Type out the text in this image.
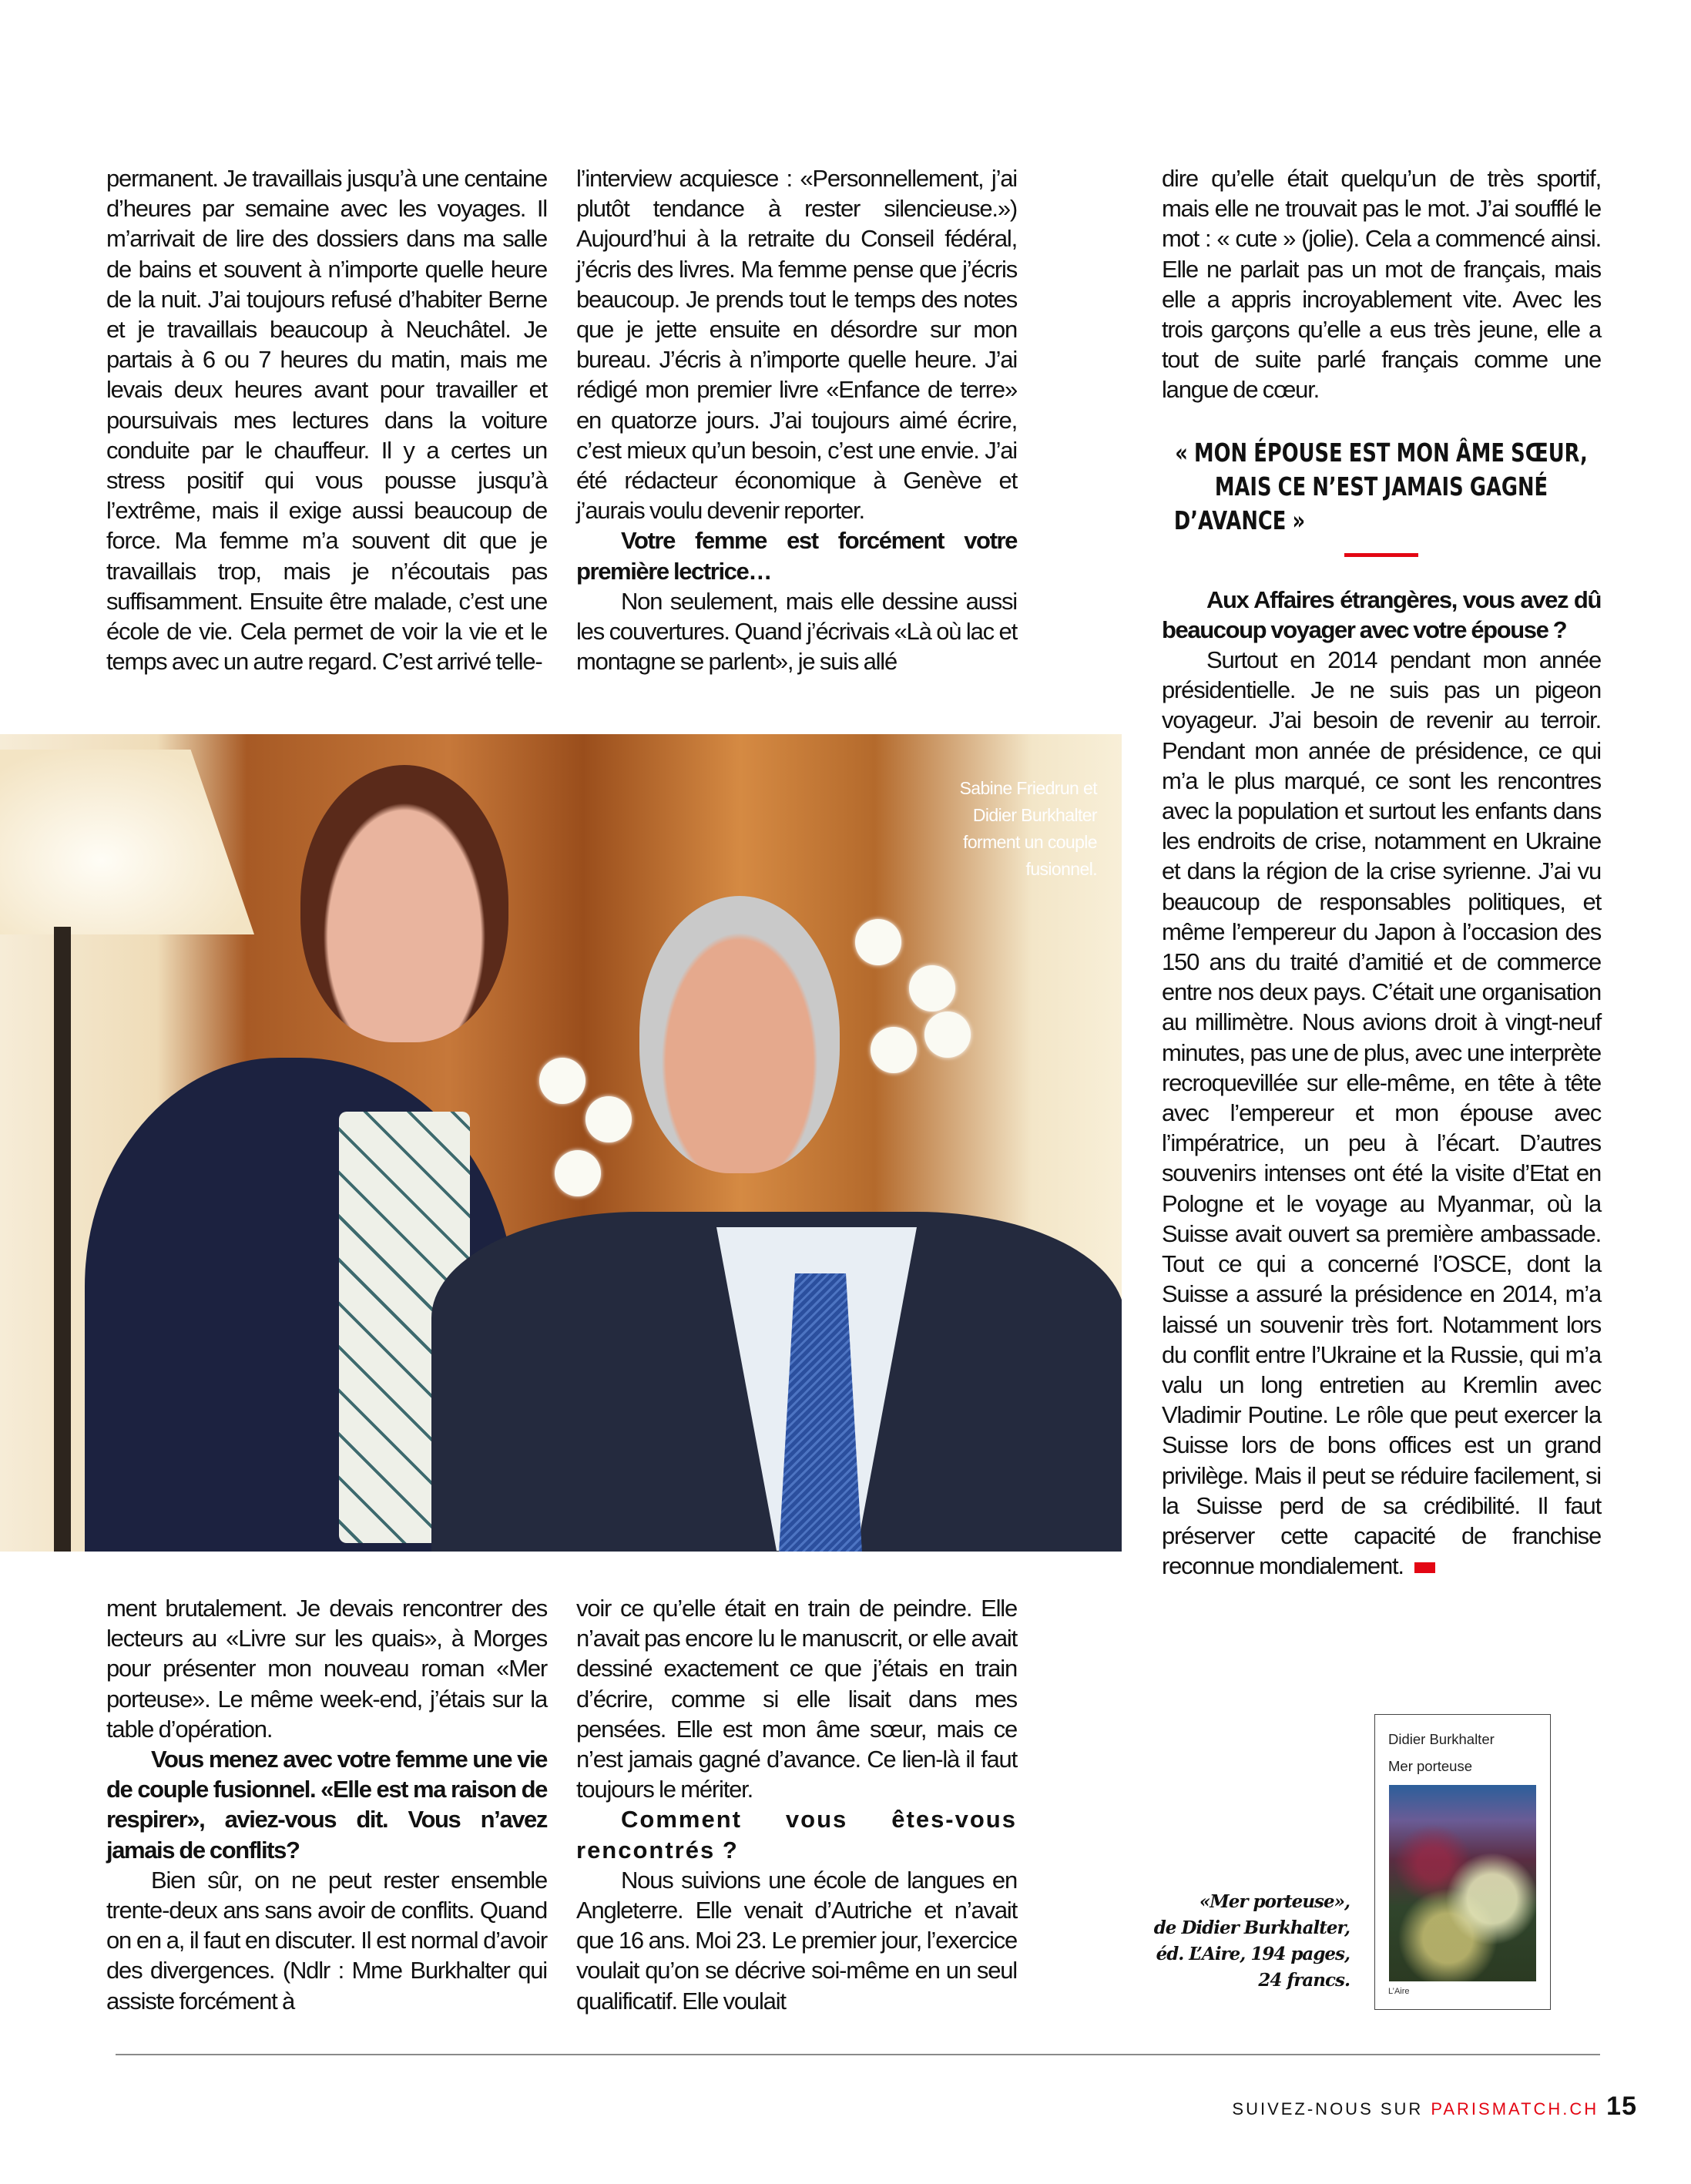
permanent. Je travaillais jusqu’à une centaine d’heures par semaine avec les voyages. Il m’arrivait de lire des dossiers dans ma salle de bains et souvent à n’importe quelle heure de la nuit. J’ai toujours refusé d’habiter Berne et je travaillais beaucoup à Neuchâtel. Je partais à 6 ou 7 heures du matin, mais me levais deux heures avant pour travailler et poursuivais mes lectures dans la voiture conduite par le chauffeur. Il y a certes un stress positif qui vous pousse jusqu’à l’extrême, mais il exige aussi beaucoup de force. Ma femme m’a souvent dit que je travaillais trop, mais je n’écoutais pas suffisamment. Ensuite être malade, c’est une école de vie. Cela permet de voir la vie et le temps avec un autre regard. C’est arrivé telle-

l’interview acquiesce : «Personnellement, j’ai plutôt tendance à rester silencieuse.») Aujourd’hui à la retraite du Conseil fédéral, j’écris des livres. Ma femme pense que j’écris beaucoup. Je prends tout le temps des notes que je jette ensuite en désordre sur mon bureau. J’écris à n’importe quelle heure. J’ai rédigé mon premier livre «Enfance de terre» en quatorze jours. J’ai toujours aimé écrire, c’est mieux qu’un besoin, c’est une envie. J’ai été rédacteur économique à Genève et j’aurais voulu devenir reporter.

Votre femme est forcément votre première lectrice…

Non seulement, mais elle dessine aussi les couvertures. Quand j’écrivais «Là où lac et montagne se parlent», je suis allé

dire qu’elle était quelqu’un de très sportif, mais elle ne trouvait pas le mot. J’ai soufflé le mot : « cute » (jolie). Cela a commencé ainsi. Elle ne parlait pas un mot de français, mais elle a appris incroyablement vite. Avec les trois garçons qu’elle a eus très jeune, elle a tout de suite parlé français comme une langue de cœur.

« MON ÉPOUSE EST MON ÂME SŒUR, MAIS CE N’EST JAMAIS GAGNÉ D’AVANCE »

Aux Affaires étrangères, vous avez dû beaucoup voyager avec votre épouse ?

Surtout en 2014 pendant mon année présidentielle. Je ne suis pas un pigeon voyageur. J’ai besoin de revenir au terroir. Pendant mon année de présidence, ce qui m’a le plus marqué, ce sont les rencontres avec la population et surtout les enfants dans les endroits de crise, notamment en Ukraine et dans la région de la crise syrienne. J’ai vu beaucoup de responsables politiques, et même l’empereur du Japon à l’occasion des 150 ans du traité d’amitié et de commerce entre nos deux pays. C’était une organisation au millimètre. Nous avions droit à vingt-neuf minutes, pas une de plus, avec une interprète recroquevillée sur elle-même, en tête à tête avec l’empereur et mon épouse avec l’impératrice, un peu à l’écart. D’autres souvenirs intenses ont été la visite d’Etat en Pologne et le voyage au Myanmar, où la Suisse avait ouvert sa première ambassade. Tout ce qui a concerné l’OSCE, dont la Suisse a assuré la présidence en 2014, m’a laissé un souvenir très fort. Notamment lors du conflit entre l’Ukraine et la Russie, qui m’a valu un long entretien au Kremlin avec Vladimir Poutine. Le rôle que peut exercer la Suisse lors de bons offices est un grand privilège. Mais il peut se réduire facilement, si la Suisse perd de sa crédibilité. Il faut préserver cette capacité de franchise reconnue mondialement.

Sabine Friedrun et Didier Burkhalter forment un couple fusionnel.

ment brutalement. Je devais rencontrer des lecteurs au «Livre sur les quais», à Morges pour présenter mon nouveau roman «Mer porteuse». Le même week-end, j’étais sur la table d’opération.

Vous menez avec votre femme une vie de couple fusionnel. «Elle est ma raison de respirer», aviez-vous dit. Vous n’avez jamais de conflits?

Bien sûr, on ne peut rester ensemble trente-deux ans sans avoir de conflits. Quand on en a, il faut en discuter. Il est normal d’avoir des divergences. (Ndlr : Mme Burkhalter qui assiste forcément à

voir ce qu’elle était en train de peindre. Elle n’avait pas encore lu le manuscrit, or elle avait dessiné exactement ce que j’étais en train d’écrire, comme si elle lisait dans mes pensées. Elle est mon âme sœur, mais ce n’est jamais gagné d’avance. Ce lien-là il faut toujours le mériter.

Comment vous êtes-vous rencontrés ?

Nous suivions une école de langues en Angleterre. Elle venait d’Autriche et n’avait que 16 ans. Moi 23. Le premier jour, l’exercice voulait qu’on se décrive soi-même en un seul qualificatif. Elle voulait

«Mer porteuse»,
de Didier Burkhalter,
éd. L’Aire, 194 pages,
24 francs.
Didier Burkhalter
Mer porteuse
L’Aire
SUIVEZ-NOUS SUR PARISMATCH.CH 15
